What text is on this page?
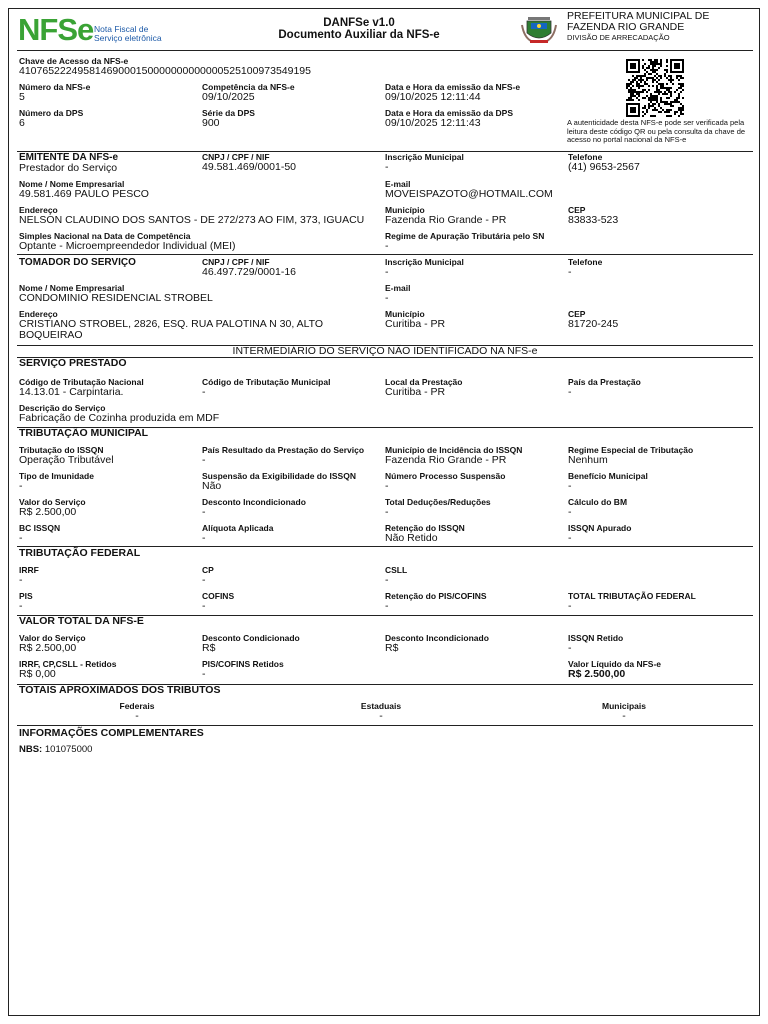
NFSe Nota Fiscal de
Serviço eletrônica
DANFSe v1.0
Documento Auxiliar da NFS-e
PREFEITURA MUNICIPAL DE
FAZENDA RIO GRANDE
DIVISÃO DE ARRECADAÇÃO
Chave de Acesso da NFS-e
41076522249581469000150000000000000525100973549195
Número da NFS-e
5
Competência da NFS-e
09/10/2025
Data e Hora da emissão da NFS-e
09/10/2025 12:11:44
Número da DPS
6
Série da DPS
900
Data e Hora da emissão da DPS
09/10/2025 12:11:43	A autenticidade desta NFS-e pode ser verificada pela leitura deste código QR ou pela consulta da chave de acesso no portal nacional da NFS-e
EMITENTE DA NFS-e
Prestador do Serviço
CNPJ / CPF / NIF
49.581.469/0001-50
Inscrição Municipal
-
Telefone
(41) 9653-2567
Nome / Nome Empresarial
49.581.469 PAULO PESCO
E-mail
MOVEISPAZOTO@HOTMAIL.COM
Endereço
NELSON CLAUDINO DOS SANTOS - DE 272/273 AO FIM, 373, IGUACU
Município
Fazenda Rio Grande - PR
CEP
83833-523
Simples Nacional na Data de Competência
Optante - Microempreendedor Individual (MEI)
Regime de Apuração Tributária pelo SN
-
TOMADOR DO SERVIÇO	CNPJ / CPF / NIF
46.497.729/0001-16
Inscrição Municipal
-
Telefone
-
Nome / Nome Empresarial
CONDOMINIO RESIDENCIAL STROBEL
E-mail
-
Endereço
CRISTIANO STROBEL, 2826, ESQ. RUA PALOTINA N 30, ALTO
BOQUEIRAO
Município
Curitiba - PR
CEP
81720-245
INTERMEDIÁRIO DO SERVIÇO NÃO IDENTIFICADO NA NFS-e
SERVIÇO PRESTADO
Código de Tributação Nacional
14.13.01 - Carpintaria.
Código de Tributação Municipal
-
Local da Prestação
Curitiba - PR
País da Prestação
-
Descrição do Serviço
Fabricação de Cozinha produzida em MDF
TRIBUTAÇÃO MUNICIPAL
Tributação do ISSQN
Operação Tributável
País Resultado da Prestação do Serviço
-
Município de Incidência do ISSQN
Fazenda Rio Grande - PR
Regime Especial de Tributação
Nenhum
Tipo de Imunidade
-
Suspensão da Exigibilidade do ISSQN
Não
Número Processo Suspensão
-
Benefício Municipal
-
Valor do Serviço
R$ 2.500,00
Desconto Incondicionado
-
Total Deduções/Reduções
-
Cálculo do BM
-
BC ISSQN
-
Alíquota Aplicada
-
Retenção do ISSQN
Não Retido
ISSQN Apurado
-
TRIBUTAÇÃO FEDERAL
IRRF
-
CP
-
CSLL
-
PIS
-
COFINS
-
Retenção do PIS/COFINS
-
TOTAL TRIBUTAÇÃO FEDERAL
-
VALOR TOTAL DA NFS-E
Valor do Serviço
R$ 2.500,00
Desconto Condicionado
R$
Desconto Incondicionado
R$
ISSQN Retido
-
IRRF, CP,CSLL - Retidos
R$ 0,00
PIS/COFINS Retidos
-
Valor Líquido da NFS-e
R$ 2.500,00
TOTAIS APROXIMADOS DOS TRIBUTOS
Federais
-
Estaduais
-
Municipais
-
INFORMAÇÕES COMPLEMENTARES
NBS: 101075000
